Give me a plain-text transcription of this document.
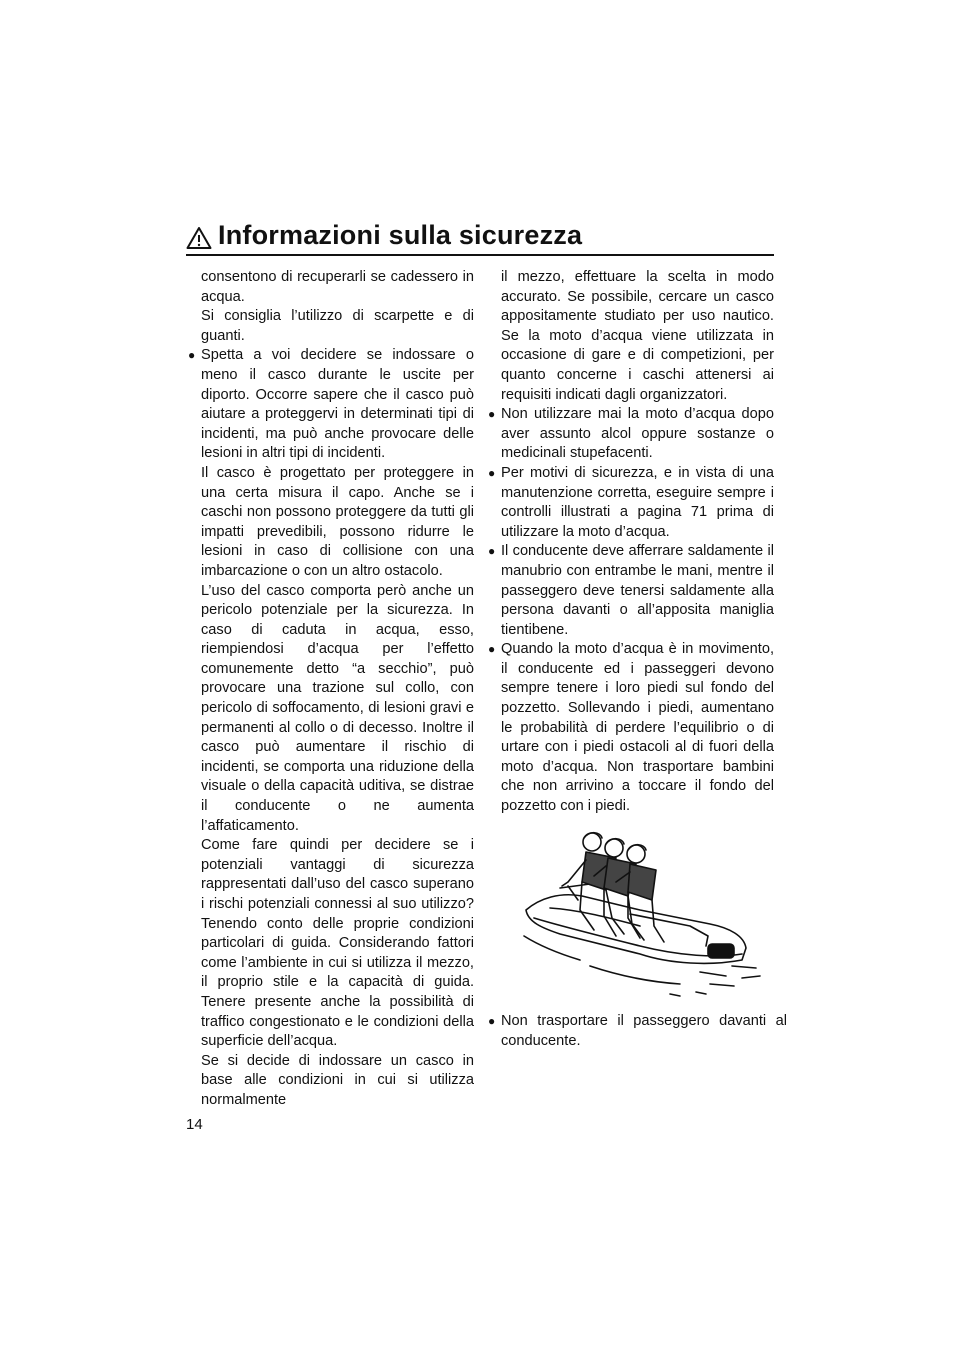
Informazioni sulla sicurezza

consentono di recuperarli se cadessero in acqua.

Si consiglia l’utilizzo di scarpette e di guanti.

● Spetta a voi decidere se indossare o meno il casco durante le uscite per diporto. Occorre sapere che il casco può aiutare a proteggervi in determinati tipi di incidenti, ma può anche provocare delle lesioni in altri tipi di incidenti.

Il casco è progettato per proteggere in una certa misura il capo. Anche se i caschi non possono proteggere da tutti gli impatti prevedibili, possono ridurre le lesioni in caso di collisione con una imbarcazione o con un altro ostacolo.

L’uso del casco comporta però anche un pericolo potenziale per la sicurezza. In caso di caduta in acqua, esso, riempiendosi d’acqua per l’effetto comunemente detto “a secchio”, può provocare una trazione sul collo, con pericolo di soffocamento, di lesioni gravi e permanenti al collo o di decesso. Inoltre il casco può aumentare il rischio di incidenti, se comporta una riduzione della visuale o della capacità uditiva, se distrae il conducente o ne aumenta l’affaticamento.

Come fare quindi per decidere se i potenziali vantaggi di sicurezza rappresentati dall’uso del casco superano i rischi potenziali connessi al suo utilizzo? Tenendo conto delle proprie condizioni particolari di guida. Considerando fattori come l’ambiente in cui si utilizza il mezzo, il proprio stile e la capacità di guida. Tenere presente anche la possibilità di traffico congestionato e le condizioni della superficie dell’acqua.

Se si decide di indossare un casco in base alle condizioni in cui si utilizza normalmente

il mezzo, effettuare la scelta in modo accurato. Se possibile, cercare un casco appositamente studiato per uso nautico. Se la moto d’acqua viene utilizzata in occasione di gare e di competizioni, per quanto concerne i caschi attenersi ai requisiti indicati dagli organizzatori.

● Non utilizzare mai la moto d’acqua dopo aver assunto alcol oppure sostanze o medicinali stupefacenti.
● Per motivi di sicurezza, e in vista di una manutenzione corretta, eseguire sempre i controlli illustrati a pagina 71 prima di utilizzare la moto d’acqua.
● Il conducente deve afferrare saldamente il manubrio con entrambe le mani, mentre il passeggero deve tenersi saldamente alla persona davanti o all’apposita maniglia tientibene.
● Quando la moto d’acqua è in movimento, il conducente ed i passeggeri devono sempre tenere i loro piedi sul fondo del pozzetto. Sollevando i piedi, aumentano le probabilità di perdere l’equilibrio o di urtare con i piedi ostacoli al di fuori della moto d’acqua. Non trasportare bambini che non arrivino a toccare il fondo del pozzetto con i piedi.
● Non trasportare il passeggero davanti al conducente.
14
